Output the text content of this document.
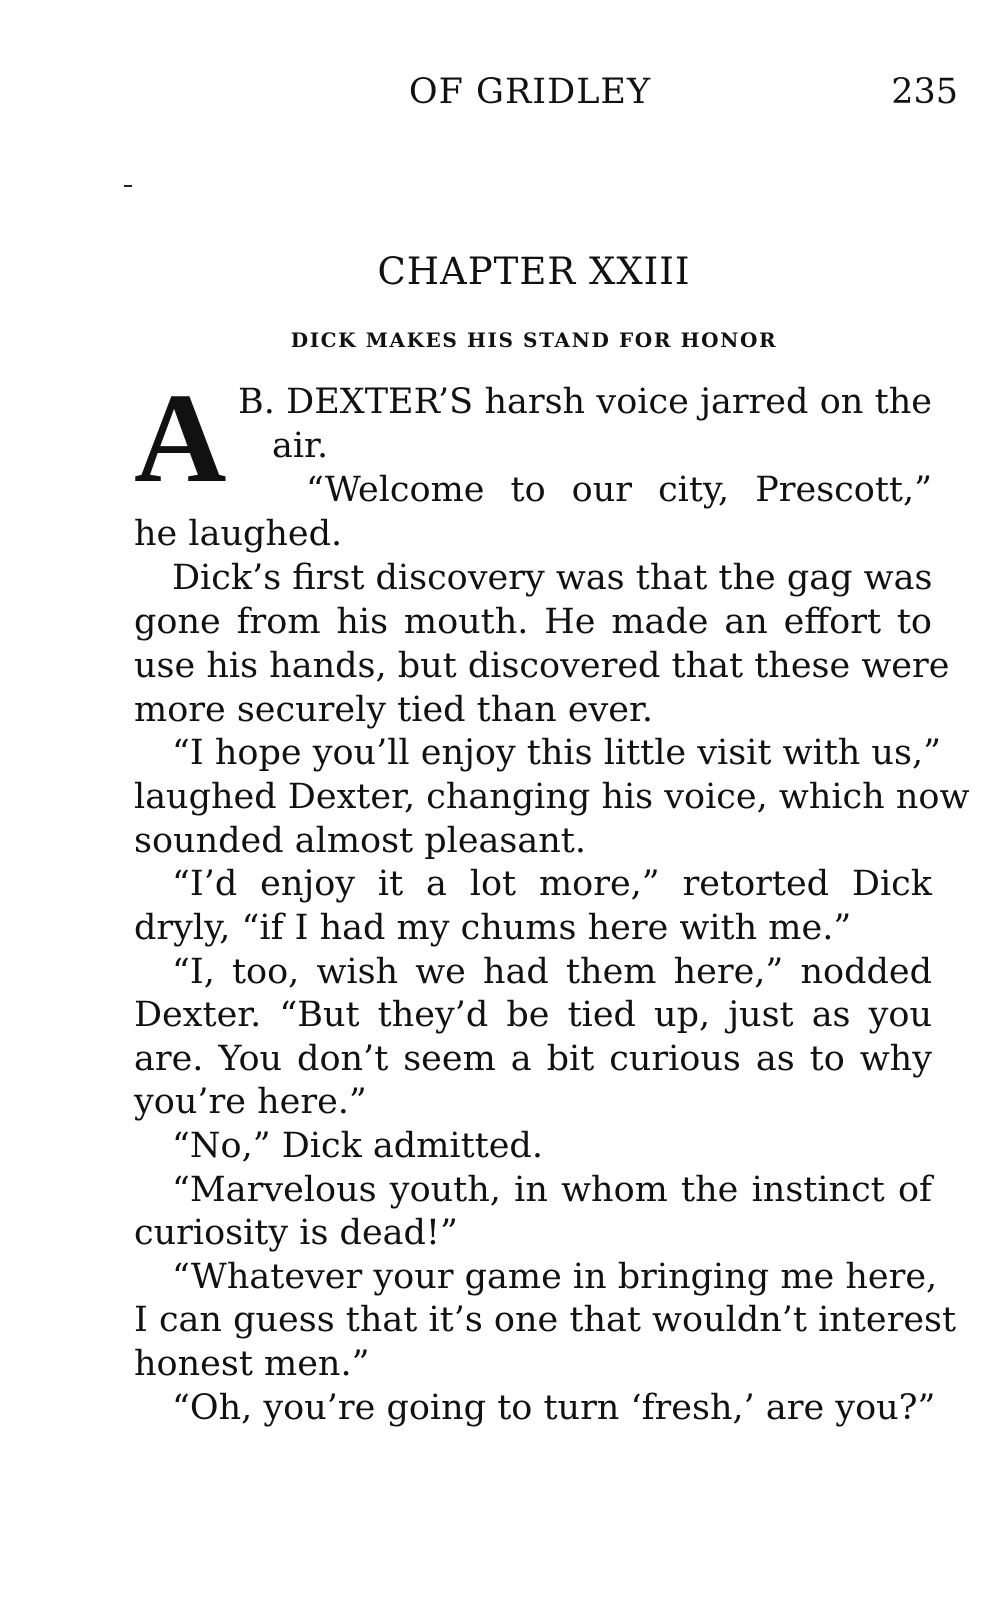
OF GRIDLEY	235
CHAPTER XXIII
DICK MAKES HIS STAND FOR HONOR
A B. DEXTER’S harsh voice jarred on the
air.
“Welcome to our city, Prescott,”
he laughed.
Dick’s first discovery was that the gag was
gone from his mouth. He made an effort to
use his hands, but discovered that these were
more securely tied than ever.
“I hope you’ll enjoy this little visit with us,”
laughed Dexter, changing his voice, which now
sounded almost pleasant.
“I’d enjoy it a lot more,” retorted Dick
dryly, “if I had my chums here with me.”
“I, too, wish we had them here,” nodded
Dexter. “But they’d be tied up, just as you
are. You don’t seem a bit curious as to why
you’re here.”
“No,” Dick admitted.
“Marvelous youth, in whom the instinct of
curiosity is dead!”
“Whatever your game in bringing me here,
I can guess that it’s one that wouldn’t interest
honest men.”
“Oh, you’re going to turn ‘fresh,’ are you?”
